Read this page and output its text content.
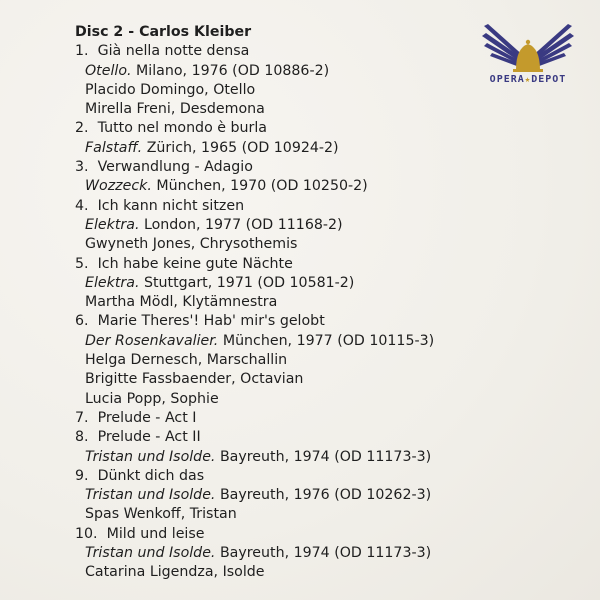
OPERA★DEPOT
Disc 2 - Carlos Kleiber
1. Già nella notte densa
Otello. Milano, 1976 (OD 10886-2)
Placido Domingo, Otello
Mirella Freni, Desdemona
2. Tutto nel mondo è burla
Falstaff. Zürich, 1965 (OD 10924-2)
3. Verwandlung - Adagio
Wozzeck. München, 1970 (OD 10250-2)
4. Ich kann nicht sitzen
Elektra. London, 1977 (OD 11168-2)
Gwyneth Jones, Chrysothemis
5. Ich habe keine gute Nächte
Elektra. Stuttgart, 1971 (OD 10581-2)
Martha Mödl, Klytämnestra
6. Marie Theres'! Hab' mir's gelobt
Der Rosenkavalier. München, 1977 (OD 10115-3)
Helga Dernesch, Marschallin
Brigitte Fassbaender, Octavian
Lucia Popp, Sophie
7. Prelude - Act I
8. Prelude - Act II
Tristan und Isolde. Bayreuth, 1974 (OD 11173-3)
9. Dünkt dich das
Tristan und Isolde. Bayreuth, 1976 (OD 10262-3)
Spas Wenkoff, Tristan
10. Mild und leise
Tristan und Isolde. Bayreuth, 1974 (OD 11173-3)
Catarina Ligendza, Isolde
